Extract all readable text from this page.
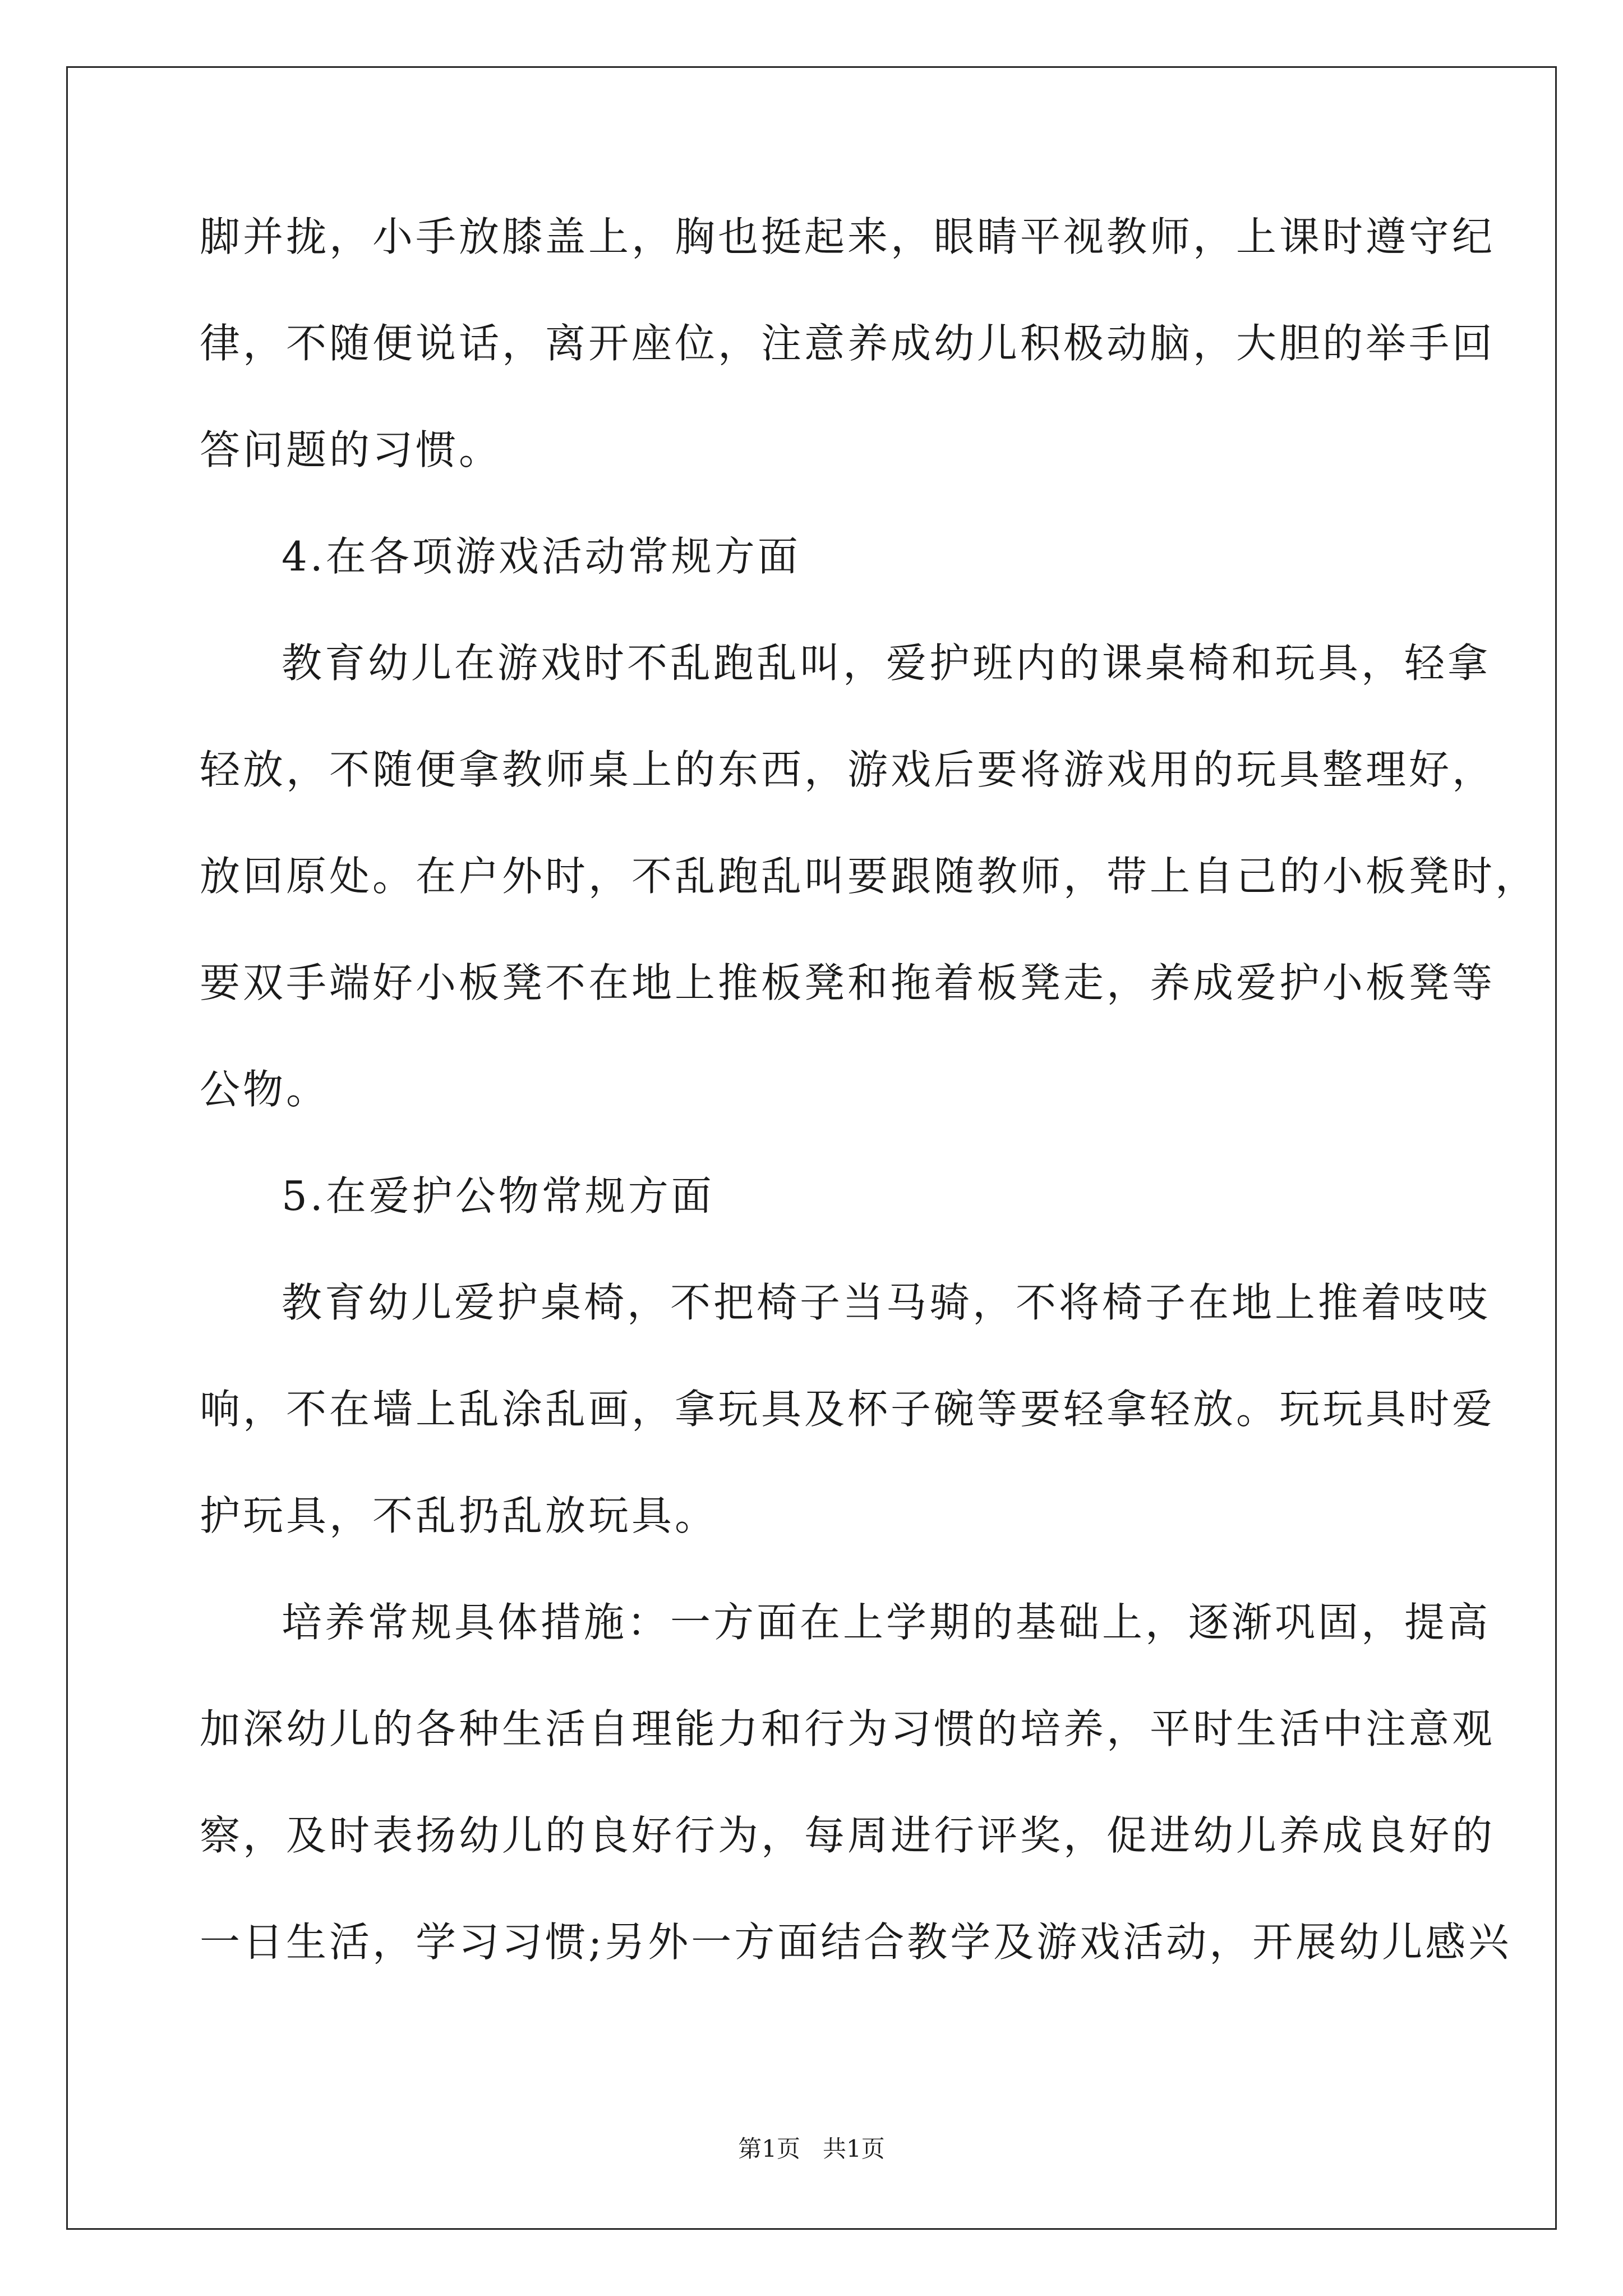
脚并拢，小手放膝盖上，胸也挺起来，眼睛平视教师，上课时遵守纪
律，不随便说话，离开座位，注意养成幼儿积极动脑，大胆的举手回
答问题的习惯。
4.在各项游戏活动常规方面
教育幼儿在游戏时不乱跑乱叫，爱护班内的课桌椅和玩具，轻拿
轻放，不随便拿教师桌上的东西，游戏后要将游戏用的玩具整理好，
放回原处。在户外时，不乱跑乱叫要跟随教师，带上自己的小板凳时，
要双手端好小板凳不在地上推板凳和拖着板凳走，养成爱护小板凳等
公物。
5.在爱护公物常规方面
教育幼儿爱护桌椅，不把椅子当马骑，不将椅子在地上推着吱吱
响，不在墙上乱涂乱画，拿玩具及杯子碗等要轻拿轻放。玩玩具时爱
护玩具，不乱扔乱放玩具。
培养常规具体措施：一方面在上学期的基础上，逐渐巩固，提高
加深幼儿的各种生活自理能力和行为习惯的培养，平时生活中注意观
察，及时表扬幼儿的良好行为，每周进行评奖，促进幼儿养成良好的
一日生活，学习习惯;另外一方面结合教学及游戏活动，开展幼儿感兴
第1页   共1页
